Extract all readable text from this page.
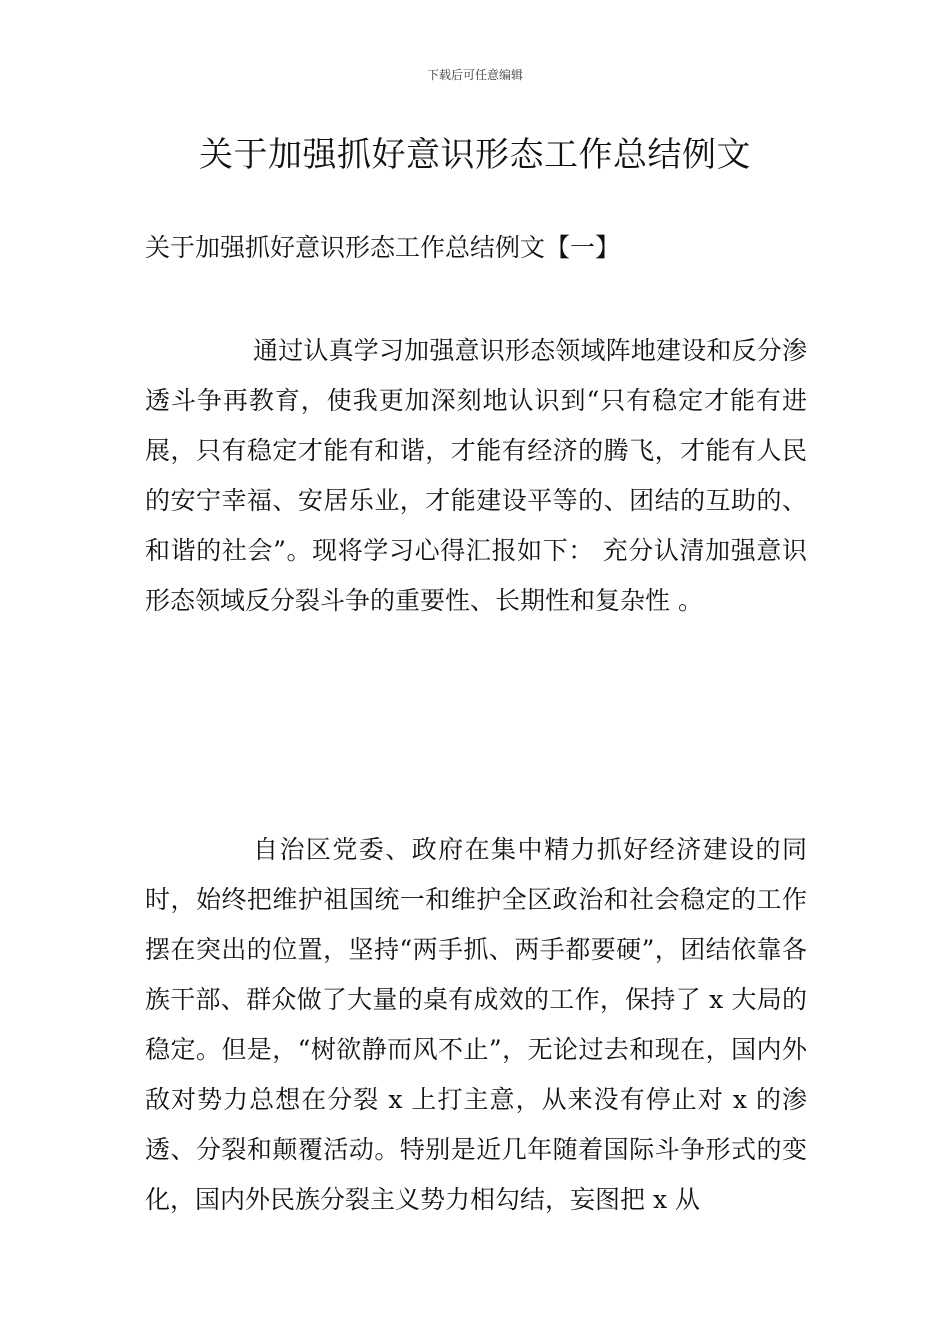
下载后可任意编辑
关于加强抓好意识形态工作总结例文
关于加强抓好意识形态工作总结例文【一】

通过认真学习加强意识形态领域阵地建设和反分渗透斗争再教育，使我更加深刻地认识到“只有稳定才能有进展，只有稳定才能有和谐，才能有经济的腾飞，才能有人民的安宁幸福、安居乐业，才能建设平等的、团结的互助的、和谐的社会”。现将学习心得汇报如下： 充分认清加强意识形态领域反分裂斗争的重要性、长期性和复杂性 。

自治区党委、政府在集中精力抓好经济建设的同时，始终把维护祖国统一和维护全区政治和社会稳定的工作摆在突出的位置，坚持“两手抓、两手都要硬”，团结依靠各族干部、群众做了大量的桌有成效的工作，保持了 x 大局的稳定。但是，“树欲静而风不止”，无论过去和现在，国内外敌对势力总想在分裂 x 上打主意，从来没有停止对 x 的渗透、分裂和颠覆活动。特别是近几年随着国际斗争形式的变化，国内外民族分裂主义势力相勾结，妄图把 x 从
